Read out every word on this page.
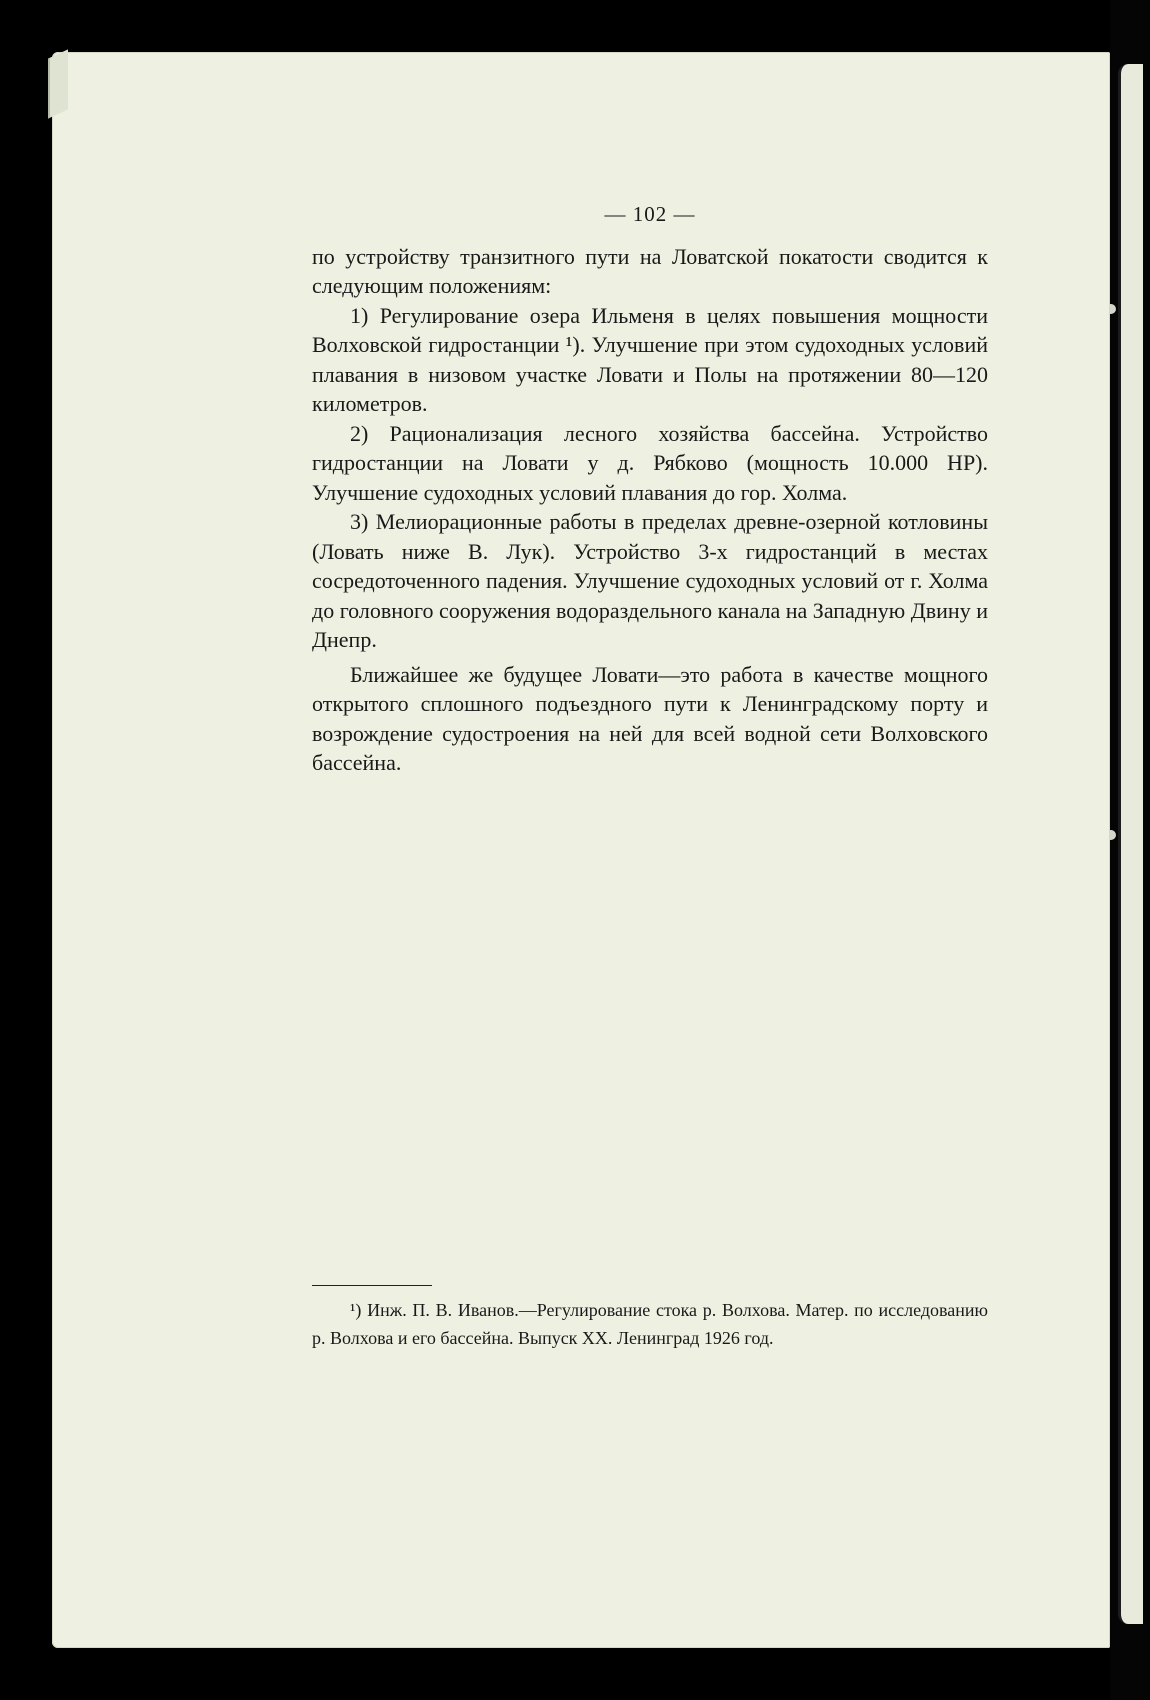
— 102 —

по устройству транзитного пути на Ловатской покатости сводится к следующим положениям:

1) Регулирование озера Ильменя в целях повышения мощности Волховской гидростанции ¹). Улучшение при этом судоходных условий плавания в низовом участке Ловати и Полы на протяжении 80—120 километров.

2) Рационализация лесного хозяйства бассейна. Устройство гидростанции на Ловати у д. Рябково (мощность 10.000 НР). Улучшение судоходных условий плавания до гор. Холма.

3) Мелиорационные работы в пределах древне-озерной котловины (Ловать ниже В. Лук). Устройство 3-х гидростанций в местах сосредоточенного падения. Улучшение судоходных условий от г. Холма до головного сооружения водораздельного канала на Западную Двину и Днепр.

Ближайшее же будущее Ловати—это работа в качестве мощного открытого сплошного подъездного пути к Ленинградскому порту и возрождение судостроения на ней для всей водной сети Волховского бассейна.

¹) Инж. П. В. Иванов.—Регулирование стока р. Волхова. Матер. по исследованию р. Волхова и его бассейна. Выпуск XX. Ленинград 1926 год.
